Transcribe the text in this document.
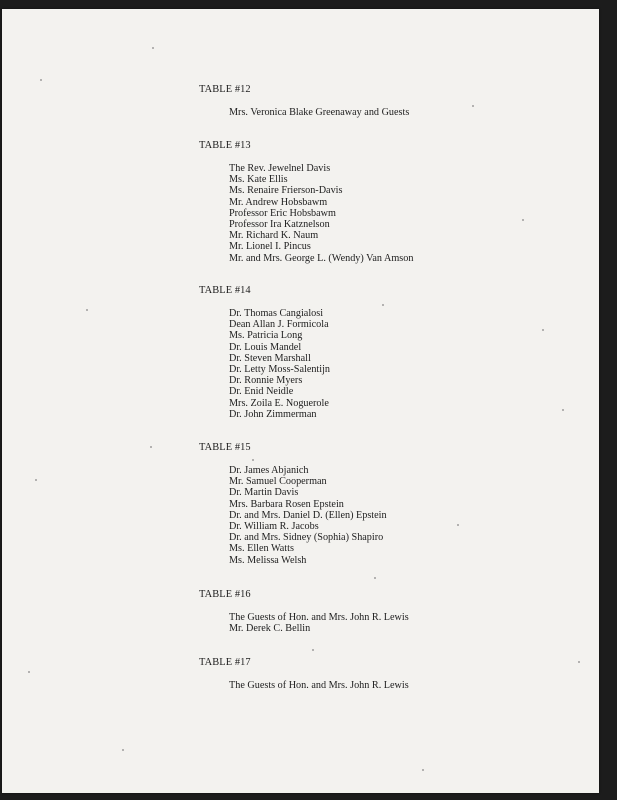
TABLE #12
Mrs. Veronica Blake Greenaway and Guests
TABLE #13
The Rev. Jewelnel Davis
Ms. Kate Ellis
Ms. Renaire Frierson-Davis
Mr. Andrew Hobsbawm
Professor Eric Hobsbawm
Professor Ira Katznelson
Mr. Richard K. Naum
Mr. Lionel I. Pincus
Mr. and Mrs. George L. (Wendy) Van Amson
TABLE #14
Dr. Thomas Cangialosi
Dean Allan J. Formicola
Ms. Patricia Long
Dr. Louis Mandel
Dr. Steven Marshall
Dr. Letty Moss-Salentijn
Dr. Ronnie Myers
Dr. Enid Neidle
Mrs. Zoila E. Noguerole
Dr. John Zimmerman
TABLE #15
Dr. James Abjanich
Mr. Samuel Cooperman
Dr. Martin Davis
Mrs. Barbara Rosen Epstein
Dr. and Mrs. Daniel D. (Ellen) Epstein
Dr. William R. Jacobs
Dr. and Mrs. Sidney (Sophia) Shapiro
Ms. Ellen Watts
Ms. Melissa Welsh
TABLE #16
The Guests of Hon. and Mrs. John R. Lewis
Mr. Derek C. Bellin
TABLE #17
The Guests of Hon. and Mrs. John R. Lewis
